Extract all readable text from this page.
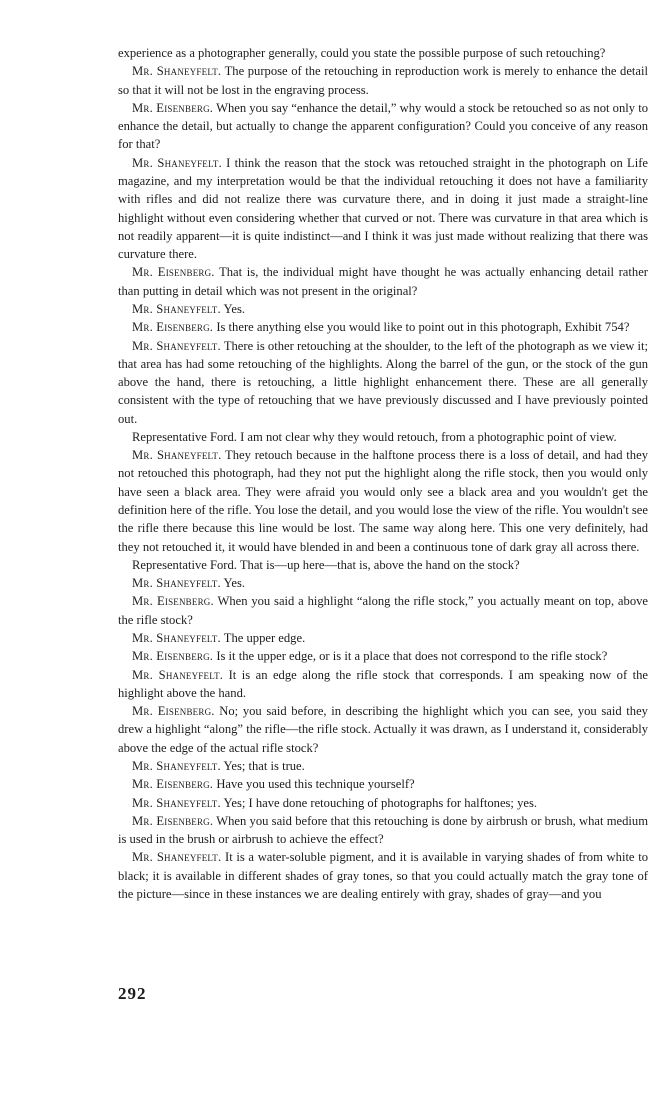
experience as a photographer generally, could you state the possible purpose of such retouching?

Mr. Shaneyfelt. The purpose of the retouching in reproduction work is merely to enhance the detail so that it will not be lost in the engraving process.

Mr. Eisenberg. When you say “enhance the detail,” why would a stock be retouched so as not only to enhance the detail, but actually to change the apparent configuration? Could you conceive of any reason for that?

Mr. Shaneyfelt. I think the reason that the stock was retouched straight in the photograph on Life magazine, and my interpretation would be that the individual retouching it does not have a familiarity with rifles and did not realize there was curvature there, and in doing it just made a straight-line highlight without even considering whether that curved or not. There was curvature in that area which is not readily apparent—it is quite indistinct—and I think it was just made without realizing that there was curvature there.

Mr. Eisenberg. That is, the individual might have thought he was actually enhancing detail rather than putting in detail which was not present in the original?

Mr. Shaneyfelt. Yes.

Mr. Eisenberg. Is there anything else you would like to point out in this photograph, Exhibit 754?

Mr. Shaneyfelt. There is other retouching at the shoulder, to the left of the photograph as we view it; that area has had some retouching of the highlights. Along the barrel of the gun, or the stock of the gun above the hand, there is retouching, a little highlight enhancement there. These are all generally consistent with the type of retouching that we have previously discussed and I have previously pointed out.

Representative Ford. I am not clear why they would retouch, from a photographic point of view.

Mr. Shaneyfelt. They retouch because in the halftone process there is a loss of detail, and had they not retouched this photograph, had they not put the highlight along the rifle stock, then you would only have seen a black area. They were afraid you would only see a black area and you wouldn't get the definition here of the rifle. You lose the detail, and you would lose the view of the rifle. You wouldn't see the rifle there because this line would be lost. The same way along here. This one very definitely, had they not retouched it, it would have blended in and been a continuous tone of dark gray all across there.

Representative Ford. That is—up here—that is, above the hand on the stock?

Mr. Shaneyfelt. Yes.

Mr. Eisenberg. When you said a highlight “along the rifle stock,” you actually meant on top, above the rifle stock?

Mr. Shaneyfelt. The upper edge.

Mr. Eisenberg. Is it the upper edge, or is it a place that does not correspond to the rifle stock?

Mr. Shaneyfelt. It is an edge along the rifle stock that corresponds. I am speaking now of the highlight above the hand.

Mr. Eisenberg. No; you said before, in describing the highlight which you can see, you said they drew a highlight “along” the rifle—the rifle stock. Actually it was drawn, as I understand it, considerably above the edge of the actual rifle stock?

Mr. Shaneyfelt. Yes; that is true.

Mr. Eisenberg. Have you used this technique yourself?

Mr. Shaneyfelt. Yes; I have done retouching of photographs for halftones; yes.

Mr. Eisenberg. When you said before that this retouching is done by airbrush or brush, what medium is used in the brush or airbrush to achieve the effect?

Mr. Shaneyfelt. It is a water-soluble pigment, and it is available in varying shades of from white to black; it is available in different shades of gray tones, so that you could actually match the gray tone of the picture—since in these instances we are dealing entirely with gray, shades of gray—and you

292
